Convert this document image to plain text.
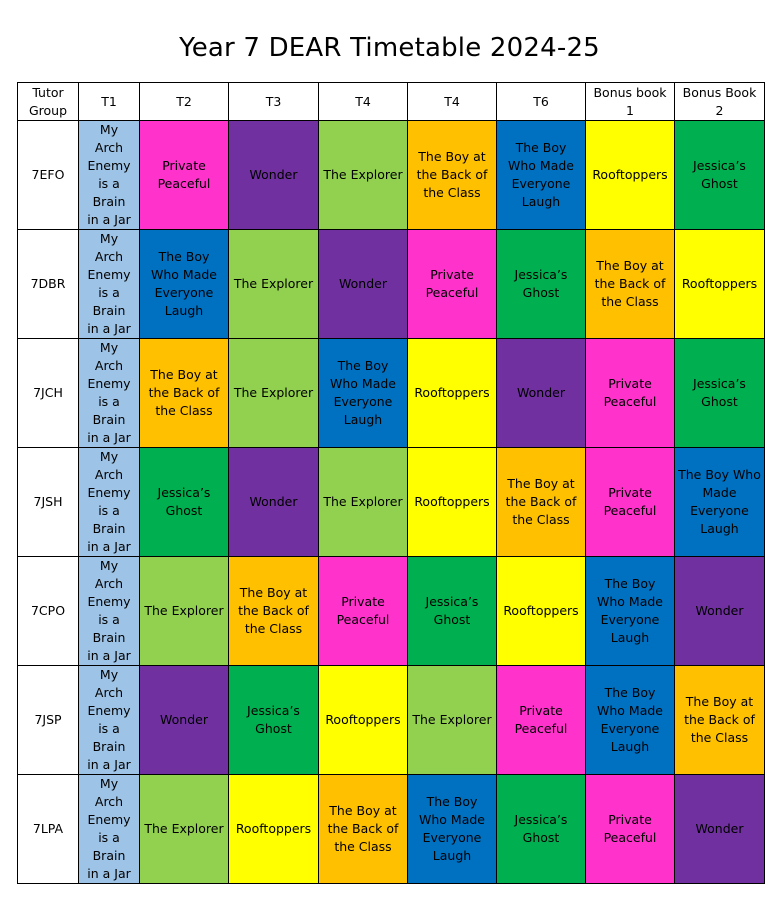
Year 7 DEAR Timetable 2024-25
Tutor Group	T1	T2	T3	T4	T4	T6	Bonus book 1	Bonus Book 2
7EFO	My Arch Enemy is a Brain in a Jar	Private Peaceful	Wonder	The Explorer	The Boy at the Back of the Class	The Boy Who Made Everyone Laugh	Rooftoppers	Jessica’s Ghost
7DBR	My Arch Enemy is a Brain in a Jar	The Boy Who Made Everyone Laugh	The Explorer	Wonder	Private Peaceful	Jessica’s Ghost	The Boy at the Back of the Class	Rooftoppers
7JCH	My Arch Enemy is a Brain in a Jar	The Boy at the Back of the Class	The Explorer	The Boy Who Made Everyone Laugh	Rooftoppers	Wonder	Private Peaceful	Jessica’s Ghost
7JSH	My Arch Enemy is a Brain in a Jar	Jessica’s Ghost	Wonder	The Explorer	Rooftoppers	The Boy at the Back of the Class	Private Peaceful	The Boy Who Made Everyone Laugh
7CPO	My Arch Enemy is a Brain in a Jar	The Explorer	The Boy at the Back of the Class	Private Peaceful	Jessica’s Ghost	Rooftoppers	The Boy Who Made Everyone Laugh	Wonder
7JSP	My Arch Enemy is a Brain in a Jar	Wonder	Jessica’s Ghost	Rooftoppers	The Explorer	Private Peaceful	The Boy Who Made Everyone Laugh	The Boy at the Back of the Class
7LPA	My Arch Enemy is a Brain in a Jar	The Explorer	Rooftoppers	The Boy at the Back of the Class	The Boy Who Made Everyone Laugh	Jessica’s Ghost	Private Peaceful	Wonder
